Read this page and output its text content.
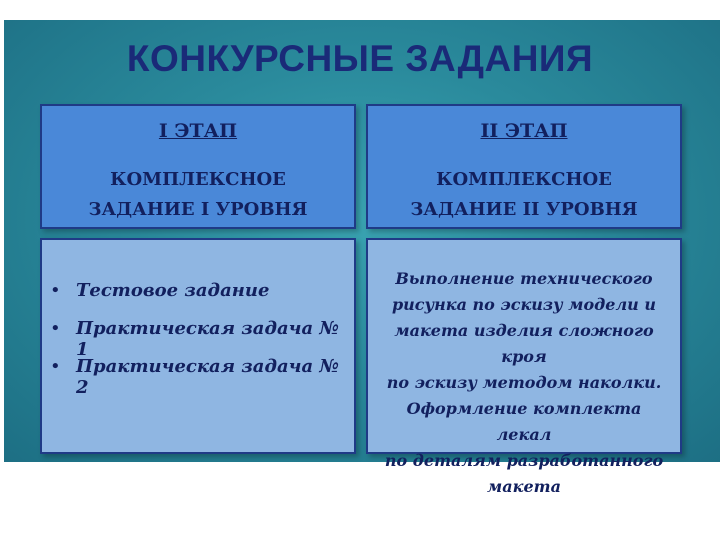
КОНКУРСНЫЕ ЗАДАНИЯ
I ЭТАП
КОМПЛЕКСНОЕ
ЗАДАНИЕ I УРОВНЯ
II ЭТАП
КОМПЛЕКСНОЕ
ЗАДАНИЕ II УРОВНЯ
• Тестовое задание
• Практическая задача № 1
• Практическая задача № 2
Выполнение технического
рисунка по эскизу модели и
макета изделия сложного кроя
по эскизу методом наколки.
Оформление комплекта лекал
по деталям разработанного
макета
